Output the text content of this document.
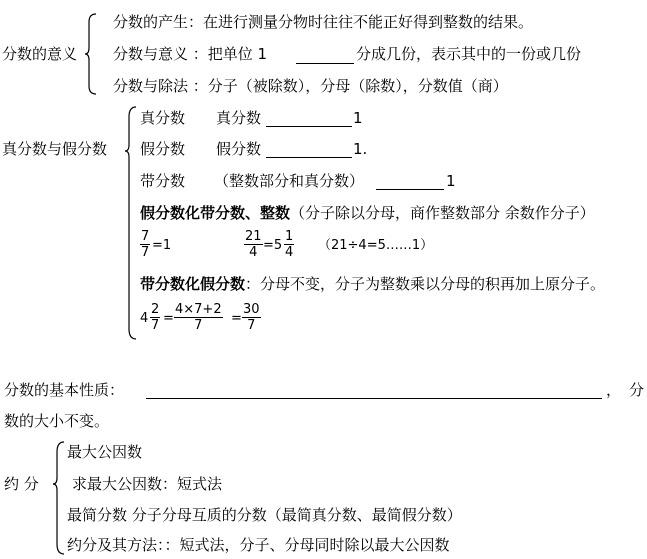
分数的意义
分数的产生：在进行测量分物时往往不能正好得到整数的结果。
分数与意义 ：把单位 1	分成几份，表示其中的一份或几份
分数与除法 ：分子（被除数），分母（除数），分数值（商）
真分数与假分数
真分数 真分数	1
假分数 假分数	1.
带分数 （整数部分和真分数）	1
假分数化带分数、整数（分子除以分母，商作整数部分 余数作分子）
$\frac{7}{7} =1$	$\frac{21}{4} =5 \frac{1}{4}$ （21÷4=5……1）
带分数化假分数：分母不变，分子为整数乘以分母的积再加上原分子。
$4 \frac{2}{7} = \frac{4\times 7+2}{7} = \frac{30}{7}$
分数的基本性质：	， 分
数的大小不变。
约 分
最大公因数
求最大公因数：短式法
最简分数 分子分母互质的分数（最简真分数、最简假分数）
约分及其方法：：短式法，分子、分母同时除以最大公因数
